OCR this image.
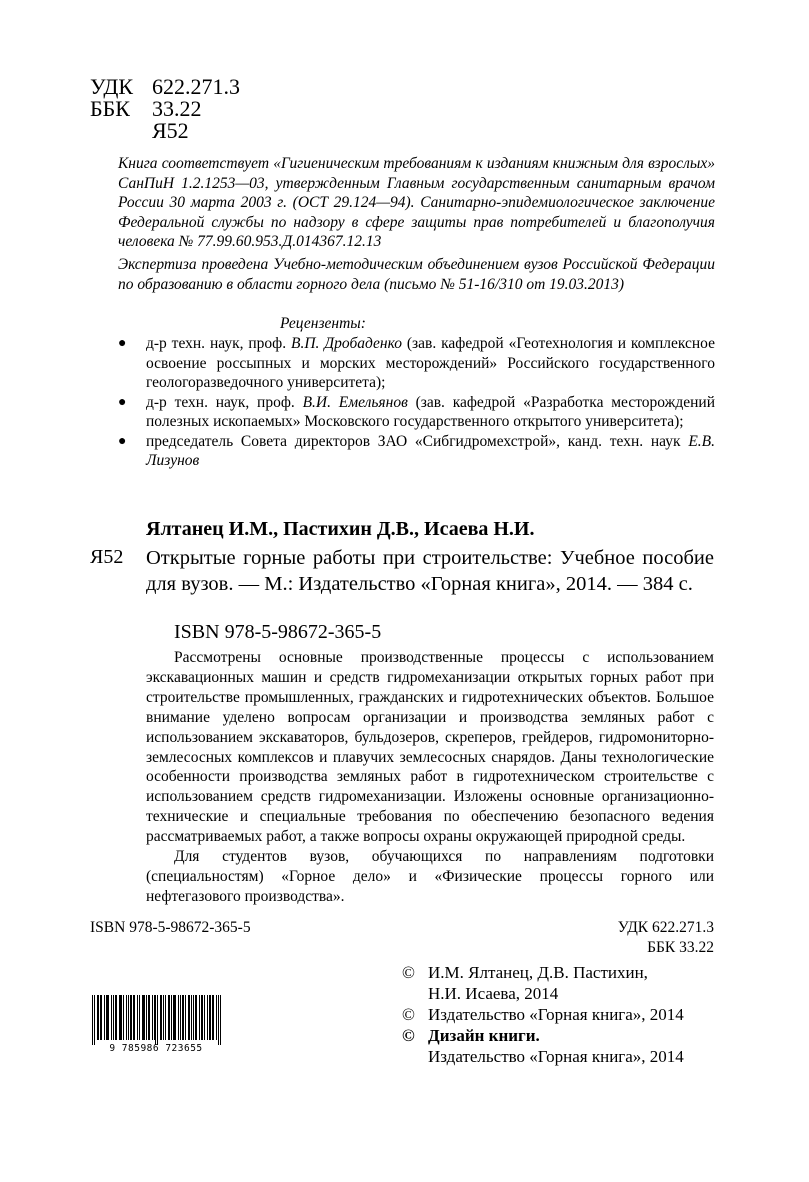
УДК 622.271.3
ББК 33.22
Я52
Книга соответствует «Гигиеническим требованиям к изданиям книжным для взрослых» СанПиН 1.2.1253—03, утвержденным Главным государственным санитарным врачом России 30 марта 2003 г. (ОСТ 29.124—94). Санитарно-эпидемиологическое заключение Федеральной службы по надзору в сфере защиты прав потребителей и благополучия человека № 77.99.60.953.Д.014367.12.13
Экспертиза проведена Учебно-методическим объединением вузов Российской Федерации по образованию в области горного дела (письмо № 51-16/310 от 19.03.2013)
Рецензенты:
● д-р техн. наук, проф. В.П. Дробаденко (зав. кафедрой «Геотехнология и комплексное освоение россыпных и морских месторождений» Российского государственного геологоразведочного университета);
● д-р техн. наук, проф. В.И. Емельянов (зав. кафедрой «Разработка месторождений полезных ископаемых» Московского государственного открытого университета);
● председатель Совета директоров ЗАО «Сибгидромехстрой», канд. техн. наук Е.В. Лизунов
Ялтанец И.М., Пастихин Д.В., Исаева Н.И.
Я52 Открытые горные работы при строительстве: Учебное пособие для вузов. — М.: Издательство «Горная книга», 2014. — 384 с.
ISBN 978-5-98672-365-5

Рассмотрены основные производственные процессы с использованием экскавационных машин и средств гидромеханизации открытых горных работ при строительстве промышленных, гражданских и гидротехнических объектов. Большое внимание уделено вопросам организации и производства земляных работ с использованием экскаваторов, бульдозеров, скреперов, грейдеров, гидромониторно-землесосных комплексов и плавучих землесосных снарядов. Даны технологические особенности производства земляных работ в гидротехническом строительстве с использованием средств гидромеханизации. Изложены основные организационно-технические и специальные требования по обеспечению безопасного ведения рассматриваемых работ, а также вопросы охраны окружающей природной среды.

Для студентов вузов, обучающихся по направлениям подготовки (специальностям) «Горное дело» и «Физические процессы горного или нефтегазового производства».

ISBN 978-5-98672-365-5	УДК 622.271.3
ББК 33.22
© И.М. Ялтанец, Д.В. Пастихин,
Н.И. Исаева, 2014
© Издательство «Горная книга», 2014
© Дизайн книги.
Издательство «Горная книга», 2014
9 785986 723655
